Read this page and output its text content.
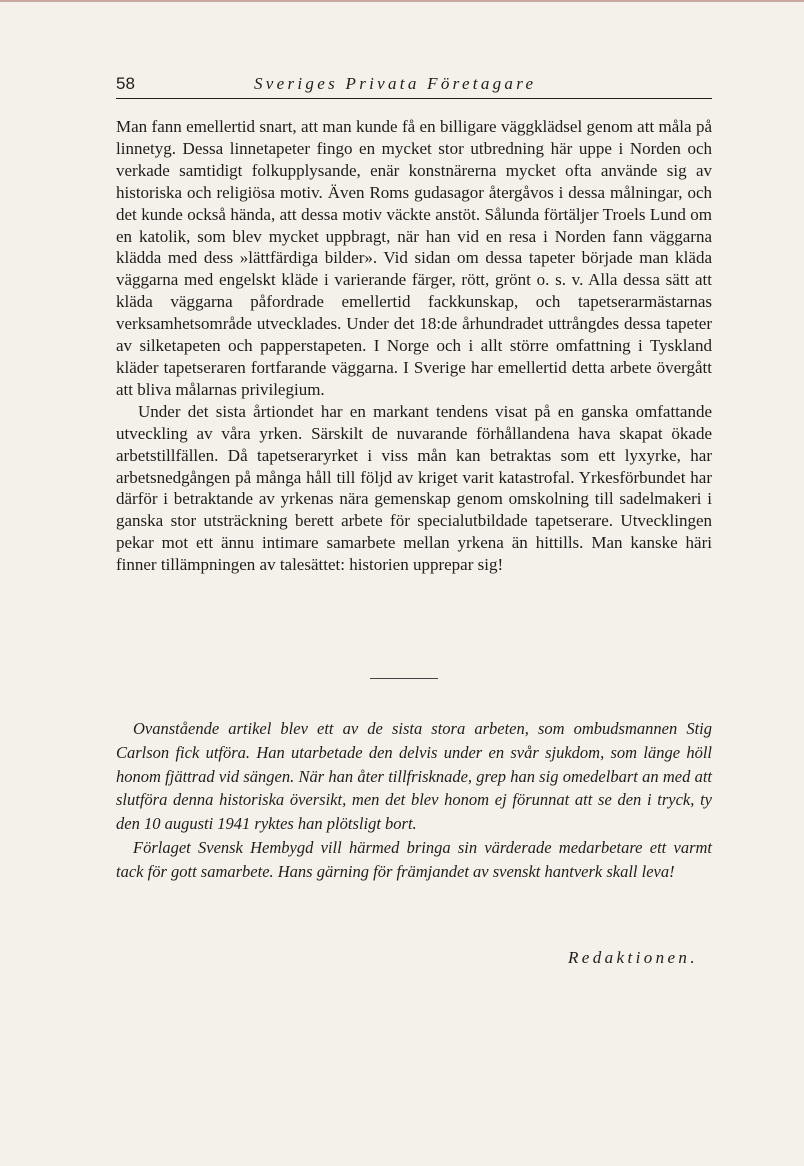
58	Sveriges Privata Företagare

Man fann emellertid snart, att man kunde få en billigare väggklädsel genom att måla på linnetyg. Dessa linnetapeter fingo en mycket stor utbredning här uppe i Norden och verkade samtidigt folkupplysande, enär konstnärerna mycket ofta använde sig av historiska och religiösa motiv. Även Roms gudasagor återgåvos i dessa målningar, och det kunde också hända, att dessa motiv väckte anstöt. Sålunda förtäljer Troels Lund om en katolik, som blev mycket uppbragt, när han vid en resa i Norden fann väggarna klädda med dess »lättfärdiga bilder». Vid sidan om dessa tapeter började man kläda väggarna med engelskt kläde i varierande färger, rött, grönt o. s. v. Alla dessa sätt att kläda väggarna påfordrade emellertid fackkunskap, och tapetserarmästarnas verksamhetsområde utvecklades. Under det 18:de århundradet uttrångdes dessa tapeter av silketapeten och papperstapeten. I Norge och i allt större omfattning i Tyskland kläder tapetseraren fortfarande väggarna. I Sverige har emellertid detta arbete övergått att bliva målarnas privilegium.

Under det sista årtiondet har en markant tendens visat på en ganska omfattande utveckling av våra yrken. Särskilt de nuvarande förhållandena hava skapat ökade arbetstillfällen. Då tapetseraryrket i viss mån kan betraktas som ett lyxyrke, har arbetsnedgången på många håll till följd av kriget varit katastrofal. Yrkesförbundet har därför i betraktande av yrkenas nära gemenskap genom omskolning till sadelmakeri i ganska stor utsträckning berett arbete för specialutbildade tapetserare. Utvecklingen pekar mot ett ännu intimare samarbete mellan yrkena än hittills. Man kanske häri finner tillämpningen av talesättet: historien upprepar sig!

Ovanstående artikel blev ett av de sista stora arbeten, som ombudsmannen Stig Carlson fick utföra. Han utarbetade den delvis under en svår sjukdom, som länge höll honom fjättrad vid sängen. När han åter tillfrisknade, grep han sig omedelbart an med att slutföra denna historiska översikt, men det blev honom ej förunnat att se den i tryck, ty den 10 augusti 1941 ryktes han plötsligt bort.

Förlaget Svensk Hembygd vill härmed bringa sin värderade medarbetare ett varmt tack för gott samarbete. Hans gärning för främjandet av svenskt hantverk skall leva!

Redaktionen.
